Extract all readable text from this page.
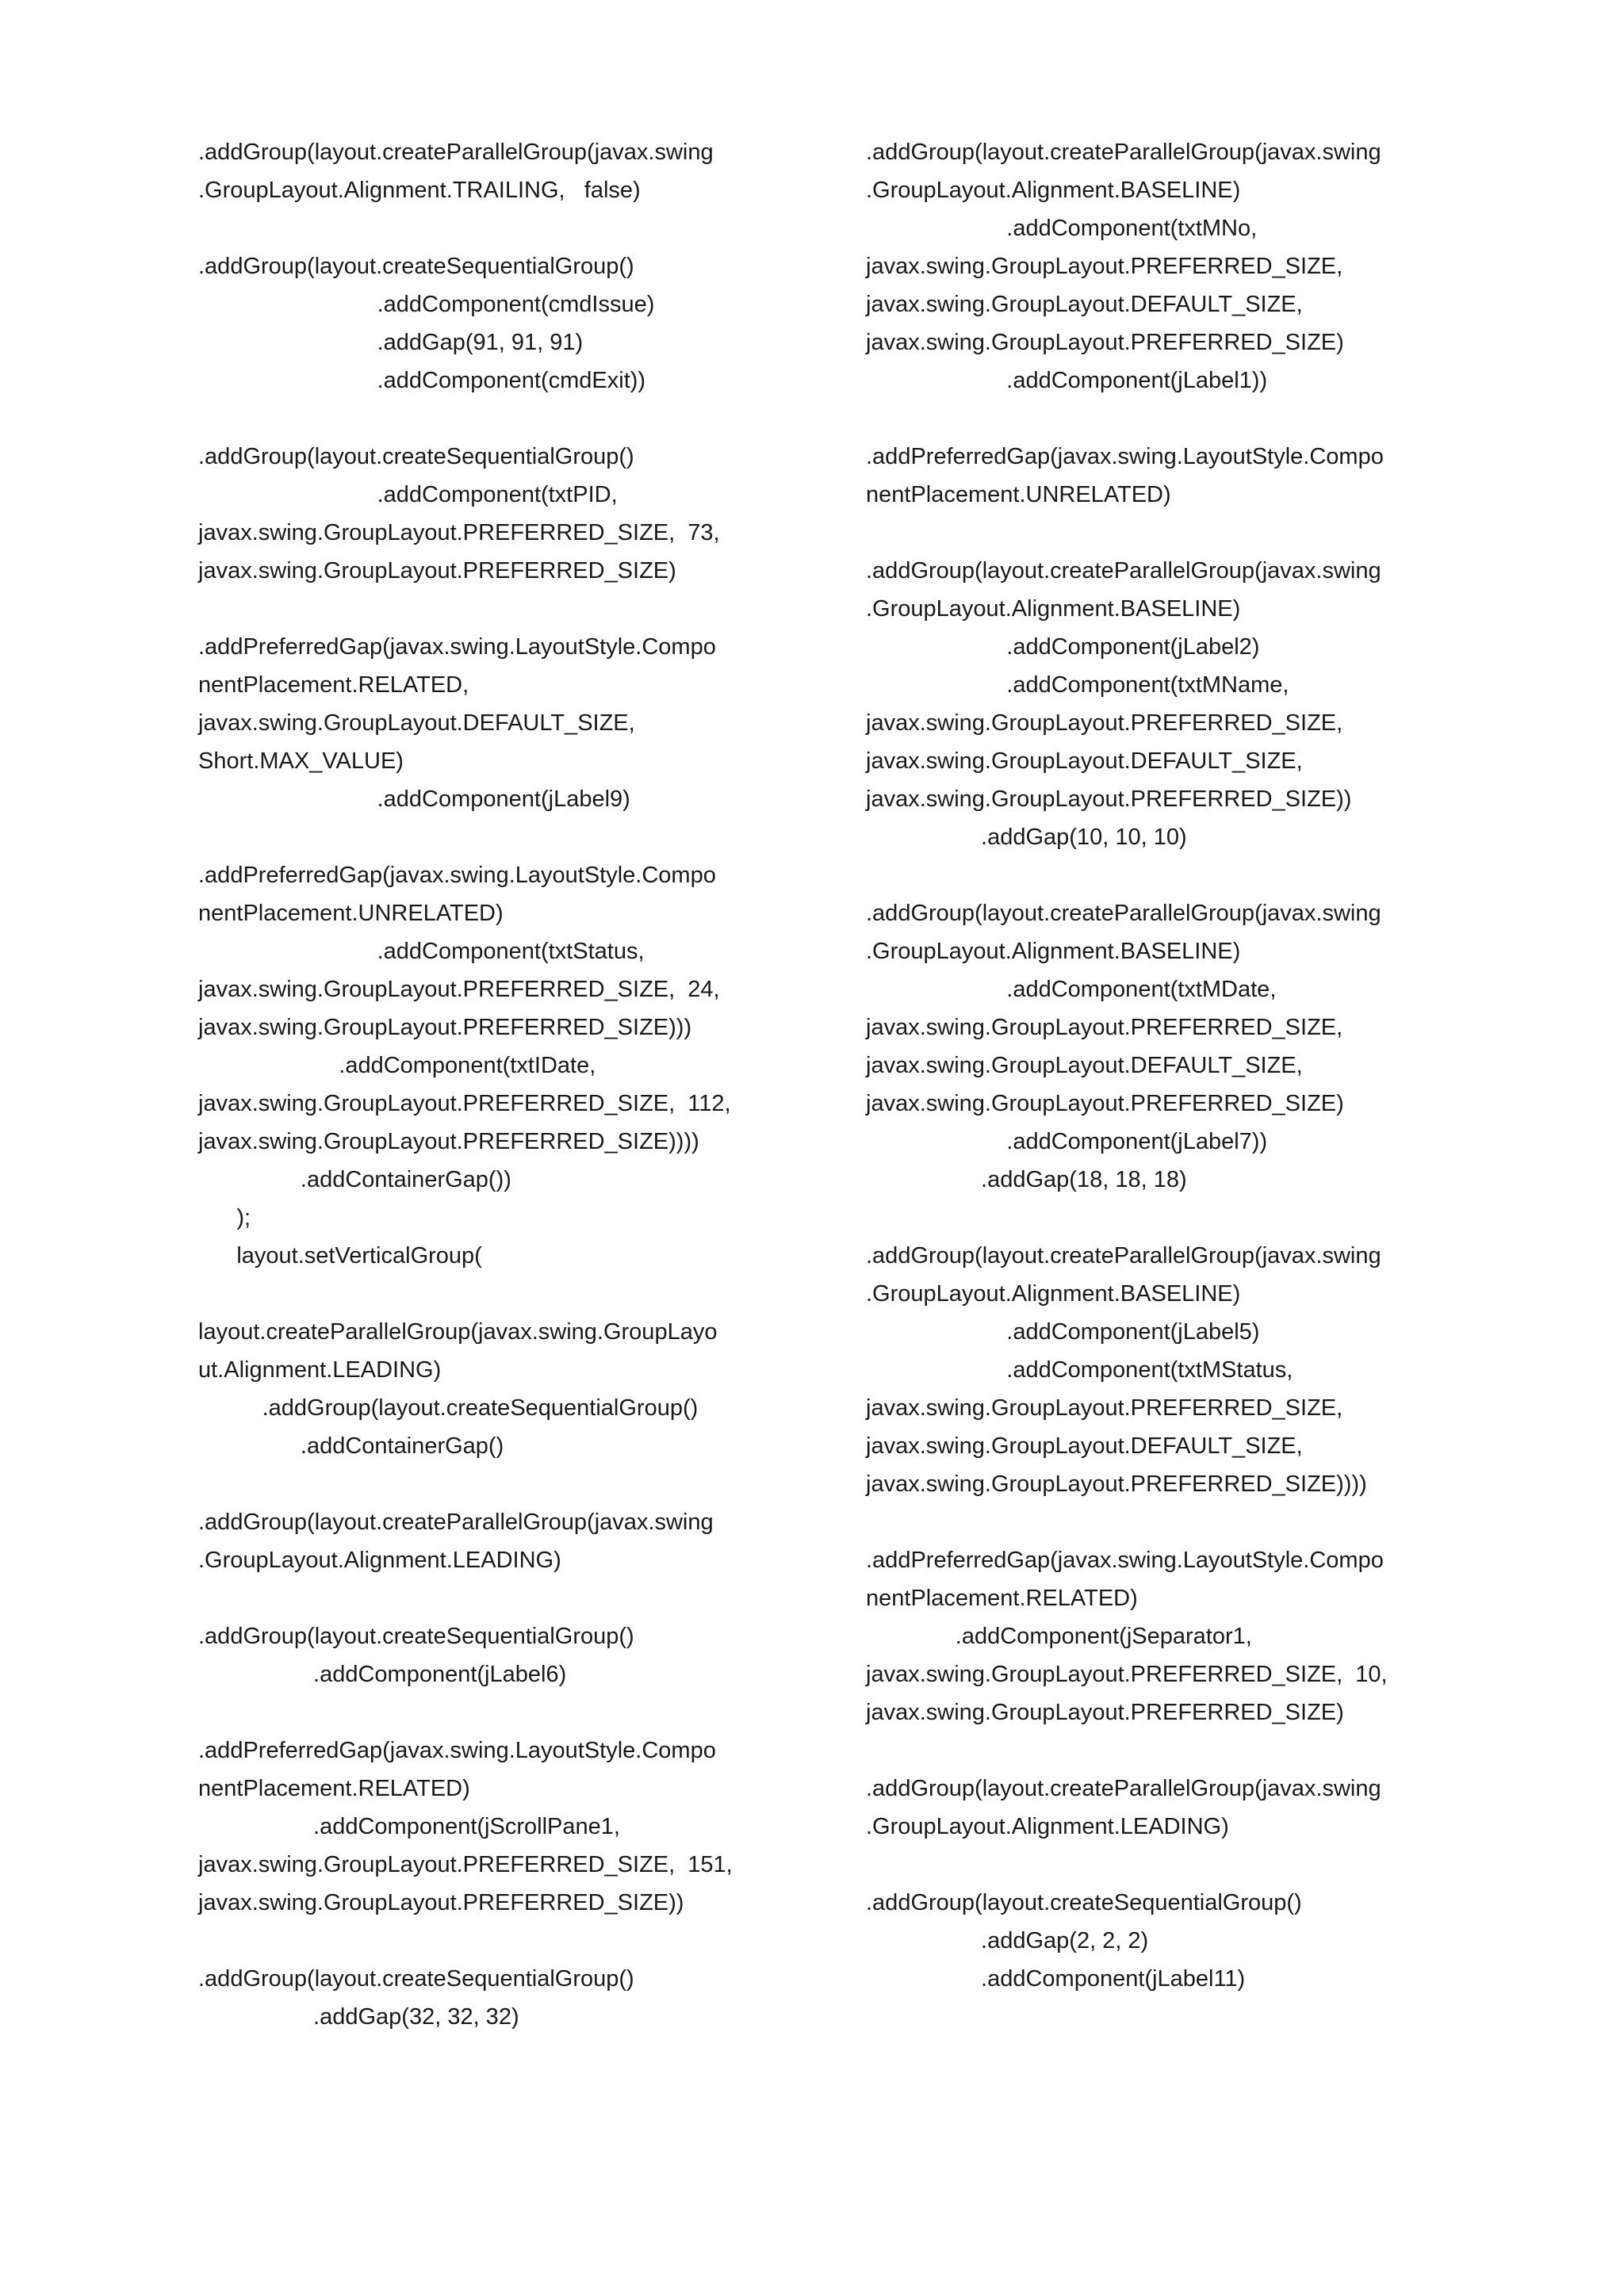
.addGroup(layout.createParallelGroup(javax.swing
.GroupLayout.Alignment.TRAILING,   false)
.addGroup(layout.createSequentialGroup()
.addComponent(cmdIssue)
.addGap(91, 91, 91)
.addComponent(cmdExit))
.addGroup(layout.createSequentialGroup()
.addComponent(txtPID,
javax.swing.GroupLayout.PREFERRED_SIZE,  73,
javax.swing.GroupLayout.PREFERRED_SIZE)
.addPreferredGap(javax.swing.LayoutStyle.Compo
nentPlacement.RELATED,
javax.swing.GroupLayout.DEFAULT_SIZE,
Short.MAX_VALUE)
.addComponent(jLabel9)
.addPreferredGap(javax.swing.LayoutStyle.Compo
nentPlacement.UNRELATED)
.addComponent(txtStatus,
javax.swing.GroupLayout.PREFERRED_SIZE,  24,
javax.swing.GroupLayout.PREFERRED_SIZE)))
.addComponent(txtIDate,
javax.swing.GroupLayout.PREFERRED_SIZE,  112,
javax.swing.GroupLayout.PREFERRED_SIZE))))
.addContainerGap())
);
layout.setVerticalGroup(
layout.createParallelGroup(javax.swing.GroupLayo
ut.Alignment.LEADING)
.addGroup(layout.createSequentialGroup()
.addContainerGap()
.addGroup(layout.createParallelGroup(javax.swing
.GroupLayout.Alignment.LEADING)
.addGroup(layout.createSequentialGroup()
.addComponent(jLabel6)
.addPreferredGap(javax.swing.LayoutStyle.Compo
nentPlacement.RELATED)
.addComponent(jScrollPane1,
javax.swing.GroupLayout.PREFERRED_SIZE,  151,
javax.swing.GroupLayout.PREFERRED_SIZE))
.addGroup(layout.createSequentialGroup()
.addGap(32, 32, 32)
.addGroup(layout.createParallelGroup(javax.swing
.GroupLayout.Alignment.BASELINE)
.addComponent(txtMNo,
javax.swing.GroupLayout.PREFERRED_SIZE,
javax.swing.GroupLayout.DEFAULT_SIZE,
javax.swing.GroupLayout.PREFERRED_SIZE)
.addComponent(jLabel1))
.addPreferredGap(javax.swing.LayoutStyle.Compo
nentPlacement.UNRELATED)
.addGroup(layout.createParallelGroup(javax.swing
.GroupLayout.Alignment.BASELINE)
.addComponent(jLabel2)
.addComponent(txtMName,
javax.swing.GroupLayout.PREFERRED_SIZE,
javax.swing.GroupLayout.DEFAULT_SIZE,
javax.swing.GroupLayout.PREFERRED_SIZE))
.addGap(10, 10, 10)
.addGroup(layout.createParallelGroup(javax.swing
.GroupLayout.Alignment.BASELINE)
.addComponent(txtMDate,
javax.swing.GroupLayout.PREFERRED_SIZE,
javax.swing.GroupLayout.DEFAULT_SIZE,
javax.swing.GroupLayout.PREFERRED_SIZE)
.addComponent(jLabel7))
.addGap(18, 18, 18)
.addGroup(layout.createParallelGroup(javax.swing
.GroupLayout.Alignment.BASELINE)
.addComponent(jLabel5)
.addComponent(txtMStatus,
javax.swing.GroupLayout.PREFERRED_SIZE,
javax.swing.GroupLayout.DEFAULT_SIZE,
javax.swing.GroupLayout.PREFERRED_SIZE))))
.addPreferredGap(javax.swing.LayoutStyle.Compo
nentPlacement.RELATED)
.addComponent(jSeparator1,
javax.swing.GroupLayout.PREFERRED_SIZE,  10,
javax.swing.GroupLayout.PREFERRED_SIZE)
.addGroup(layout.createParallelGroup(javax.swing
.GroupLayout.Alignment.LEADING)
.addGroup(layout.createSequentialGroup()
.addGap(2, 2, 2)
.addComponent(jLabel11)
